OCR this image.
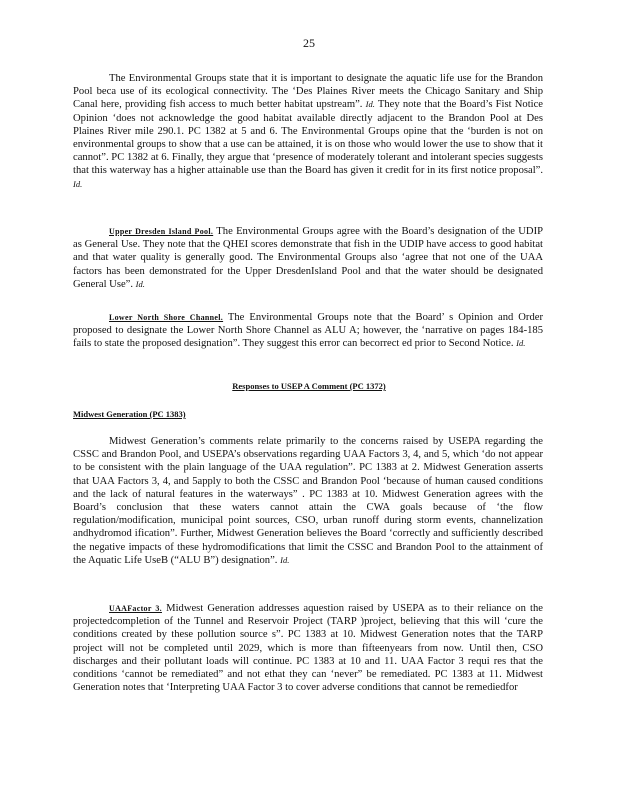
25

The Environmental Groups state that it is important to designate the aquatic life use for the Brandon Pool beca use of its ecological connectivity. The ‘Des Plaines River meets the Chicago Sanitary and Ship Canal here, providing fish access to much better habitat upstream”. Id. They note that the Board’s Fist Notice Opinion ‘does not acknowledge the good habitat available directly adjacent to the Brandon Pool at Des Plaines River mile 290.1. PC 1382 at 5 and 6. The Environmental Groups opine that the ‘burden is not on environmental groups to show that a use can be attained, it is on those who would lower the use to show that it cannot”. PC 1382 at 6. Finally, they argue that ‘presence of moderately tolerant and intolerant species suggests that this waterway has a higher attainable use than the Board has given it credit for in its first notice proposal”. Id.

Upper Dresden Island Pool. The Environmental Groups agree with the Board’s designation of the UDIP as General Use. They note that the QHEI scores demonstrate that fish in the UDIP have access to good habitat and that water quality is generally good. The Environmental Groups also ‘agree that not one of the UAA factors has been demonstrated for the Upper DresdenIsland Pool and that the water should be designated General Use”. Id.

Lower North Shore Channel. The Environmental Groups note that the Board’ s Opinion and Order proposed to designate the Lower North Shore Channel as ALU A; however, the ‘narrative on pages 184-185 fails to state the proposed designation”. They suggest this error can becorrect ed prior to Second Notice. Id.

Responses to USEP A Comment (PC 1372)
Midwest Generation (PC 1383)

Midwest Generation’s comments relate primarily to the concerns raised by USEPA regarding the CSSC and Brandon Pool, and USEPA’s observations regarding UAA Factors 3, 4, and 5, which ‘do not appear to be consistent with the plain language of the UAA regulation”. PC 1383 at 2. Midwest Generation asserts that UAA Factors 3, 4, and 5apply to both the CSSC and Brandon Pool ‘because of human caused conditions and the lack of natural features in the waterways” . PC 1383 at 10. Midwest Generation agrees with the Board’s conclusion that these waters cannot attain the CWA goals because of ‘the flow regulation/modification, municipal point sources, CSO, urban runoff during storm events, channelization andhydromod ification”. Further, Midwest Generation believes the Board ‘correctly and sufficiently described the negative impacts of these hydromodifications that limit the CSSC and Brandon Pool to the attainment of the Aquatic Life UseB (“ALU B”) designation”. Id.

UAAFactor 3. Midwest Generation addresses aquestion raised by USEPA as to their reliance on the projectedcompletion of the Tunnel and Reservoir Project (TARP )project, believing that this will ‘cure the conditions created by these pollution source s”. PC 1383 at 10. Midwest Generation notes that the TARP project will not be completed until 2029, which is more than fifteenyears from now. Until then, CSO discharges and their pollutant loads will continue. PC 1383 at 10 and 11. UAA Factor 3 requi res that the conditions ‘cannot be remediated” and not ethat they can ‘never” be remediated. PC 1383 at 11. Midwest Generation notes that ‘Interpreting UAA Factor 3 to cover adverse conditions that cannot be remediedfor
